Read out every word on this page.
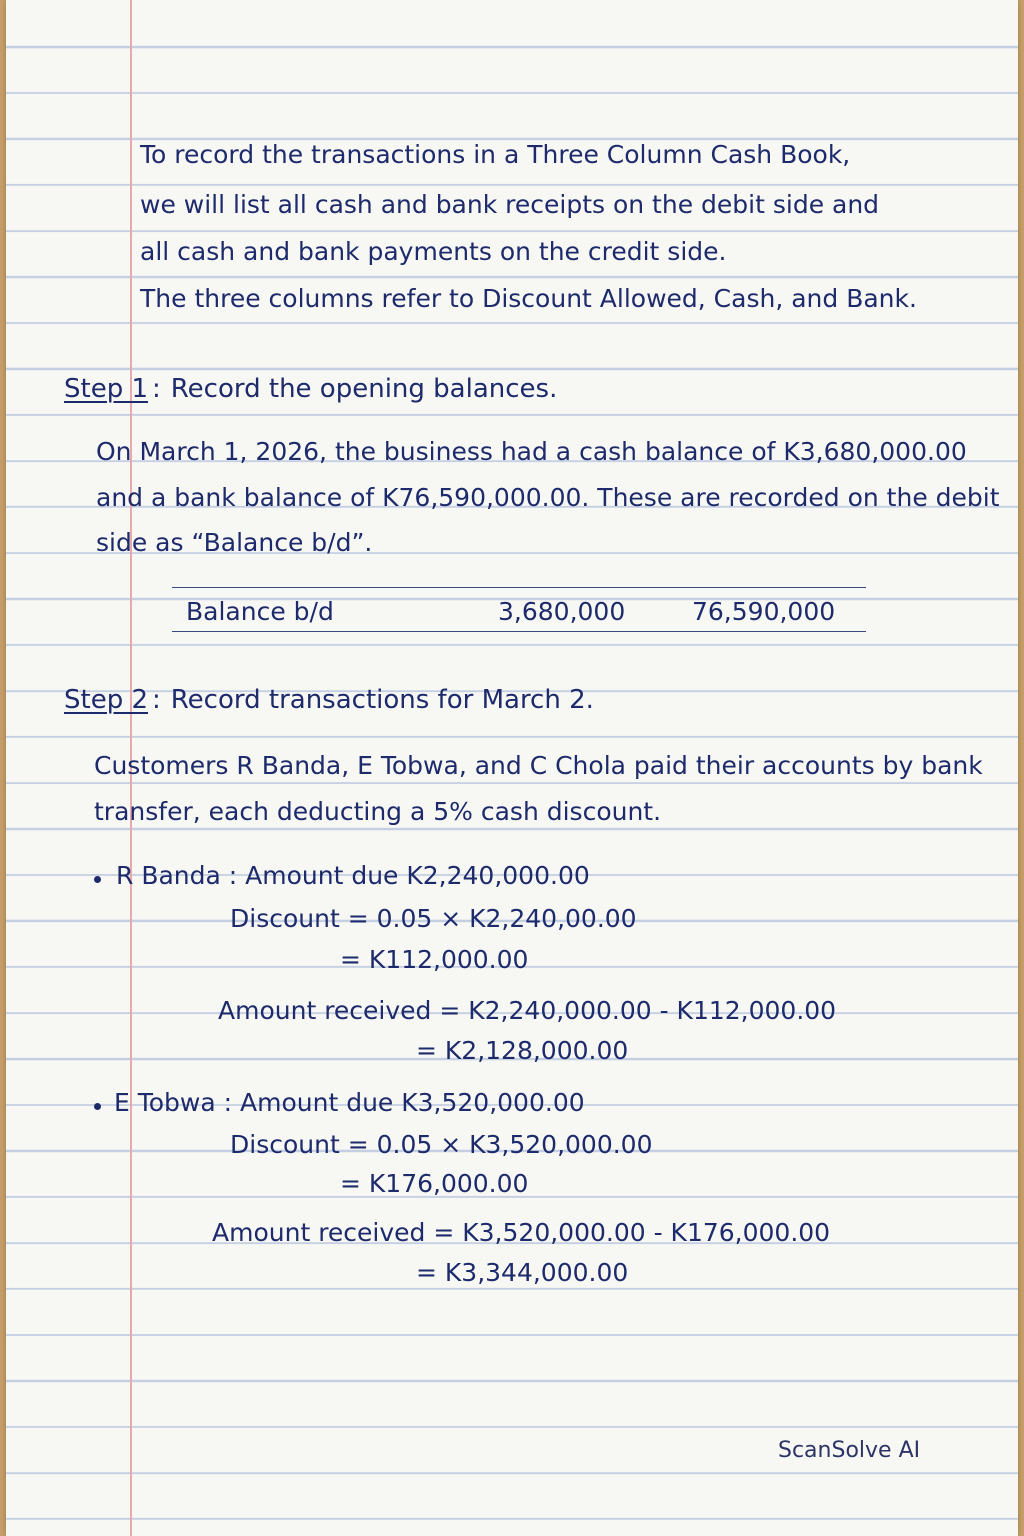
To record the transactions in a Three Column Cash Book,
we will list all cash and bank receipts on the debit side and
all cash and bank payments on the credit side.
The three columns refer to Discount Allowed, Cash, and Bank.
Step 1 : Record the opening balances.
On March 1, 2026, the business had a cash balance of K3,680,000.00
and a bank balance of K76,590,000.00. These are recorded on the debit
side as “Balance b/d”.
Balance b/d	3,680,000	76,590,000
Step 2 : Record transactions for March 2.
Customers R Banda, E Tobwa, and C Chola paid their accounts by bank
transfer, each deducting a 5% cash discount.
R Banda : Amount due K2,240,000.00
Discount = 0.05 × K2,240,00.00
= K112,000.00
Amount received = K2,240,000.00 - K112,000.00
= K2,128,000.00
E Tobwa : Amount due K3,520,000.00
Discount = 0.05 × K3,520,000.00
= K176,000.00
Amount received = K3,520,000.00 - K176,000.00
= K3,344,000.00
ScanSolve AI
